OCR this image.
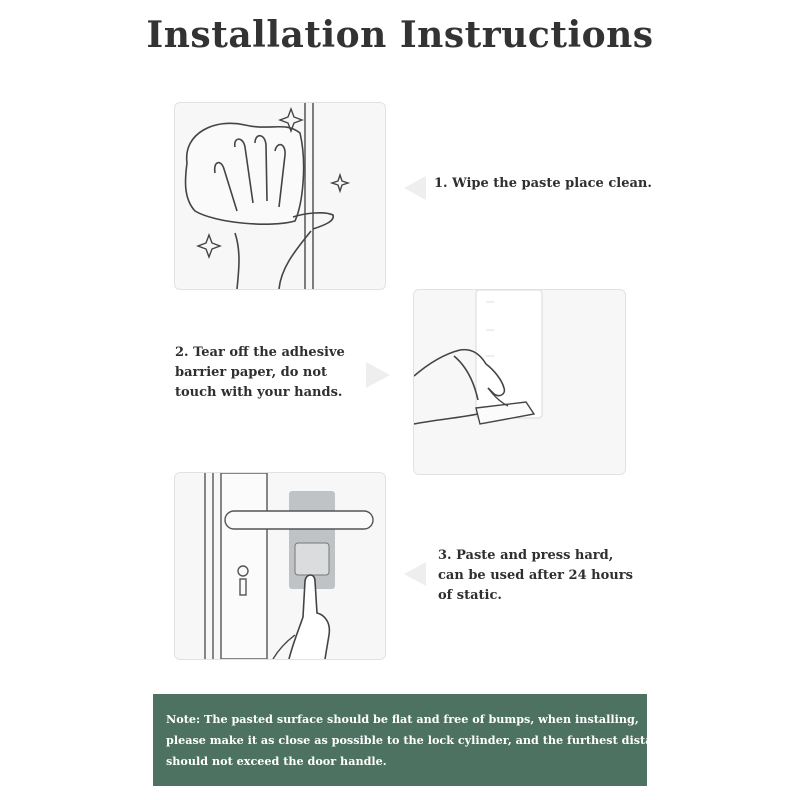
Installation Instructions
1. Wipe the paste place clean.
2. Tear off the adhesive
barrier paper, do not
touch with your hands.
3. Paste and press hard,
can be used after 24 hours
of static.
Note: The pasted surface should be flat and free of bumps, when installing,
please make it as close as possible to the lock cylinder, and the furthest distance
should not exceed the door handle.
